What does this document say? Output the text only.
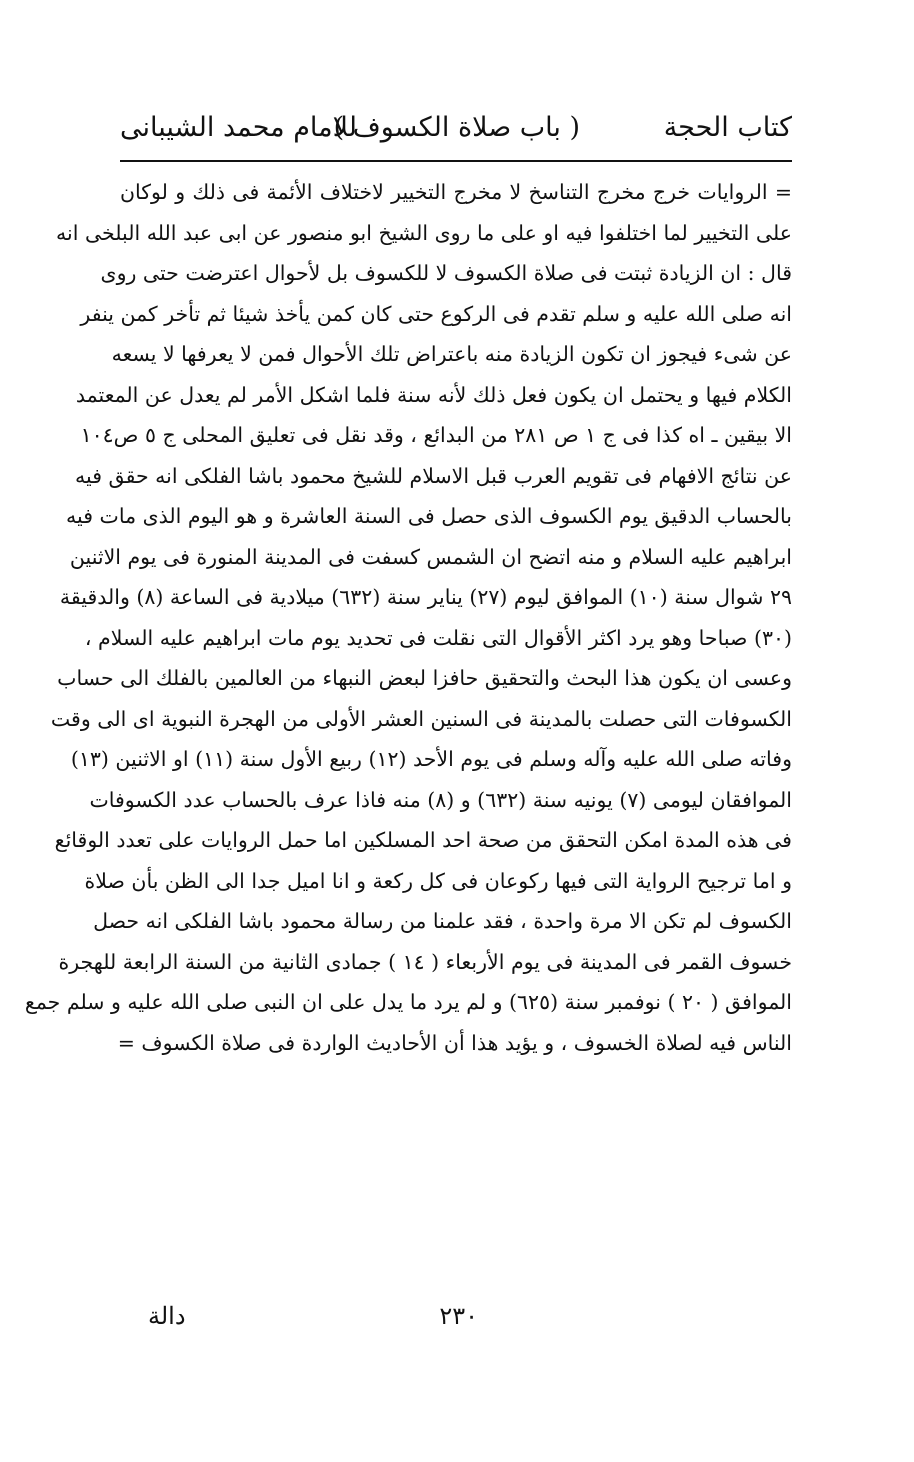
كتاب الحجة
( باب صلاة الكسوف )
للامام محمد الشيبانى
= الروايات خرج مخرج التناسخ لا مخرج التخيير لاختلاف الأئمة فى ذلك و لوكان
على التخيير لما اختلفوا فيه او على ما روى الشيخ ابو منصور عن ابى عبد الله البلخى انه
قال : ان الزيادة ثبتت فى صلاة الكسوف لا للكسوف بل لأحوال اعترضت حتى روى
انه صلى الله عليه و سلم تقدم فى الركوع حتى كان كمن يأخذ شيئا ثم تأخر كمن ينفر
عن شىء فيجوز ان تكون الزيادة منه باعتراض تلك الأحوال فمن لا يعرفها لا يسعه
الكلام فيها و يحتمل ان يكون فعل ذلك لأنه سنة فلما اشكل الأمر لم يعدل عن المعتمد
الا بيقين ـ اه كذا فى ج ١ ص ٢٨١ من البدائع ، وقد نقل فى تعليق المحلى ج ٥ ص١٠٤
عن نتائج الافهام فى تقويم العرب قبل الاسلام للشيخ محمود باشا الفلكى انه حقق فيه
بالحساب الدقيق يوم الكسوف الذى حصل فى السنة العاشرة و هو اليوم الذى مات فيه
ابراهيم عليه السلام و منه اتضح ان الشمس كسفت فى المدينة المنورة فى يوم الاثنين
٢٩ شوال سنة (١٠) الموافق ليوم (٢٧) يناير سنة (٦٣٢) ميلادية فى الساعة (٨) والدقيقة
(٣٠) صباحا وهو يرد اكثر الأقوال التى نقلت فى تحديد يوم مات ابراهيم عليه السلام ،
وعسى ان يكون هذا البحث والتحقيق حافزا لبعض النبهاء من العالمين بالفلك الى حساب
الكسوفات التى حصلت بالمدينة فى السنين العشر الأولى من الهجرة النبوية اى الى وقت
وفاته صلى الله عليه وآله وسلم فى يوم الأحد (١٢) ربيع الأول سنة (١١) او الاثنين (١٣)
الموافقان ليومى (٧) يونيه سنة (٦٣٢) و (٨) منه فاذا عرف بالحساب عدد الكسوفات
فى هذه المدة امكن التحقق من صحة احد المسلكين اما حمل الروايات على تعدد الوقائع
و اما ترجيح الرواية التى فيها ركوعان فى كل ركعة و انا اميل جدا الى الظن بأن صلاة
الكسوف لم تكن الا مرة واحدة ، فقد علمنا من رسالة محمود باشا الفلكى انه حصل
خسوف القمر فى المدينة فى يوم الأربعاء ( ١٤ ) جمادى الثانية من السنة الرابعة للهجرة
الموافق ( ٢٠ ) نوفمبر سنة (٦٢٥) و لم يرد ما يدل على ان النبى صلى الله عليه و سلم جمع
الناس فيه لصلاة الخسوف ، و يؤيد هذا أن الأحاديث الواردة فى صلاة الكسوف =
٢٣٠
دالة
